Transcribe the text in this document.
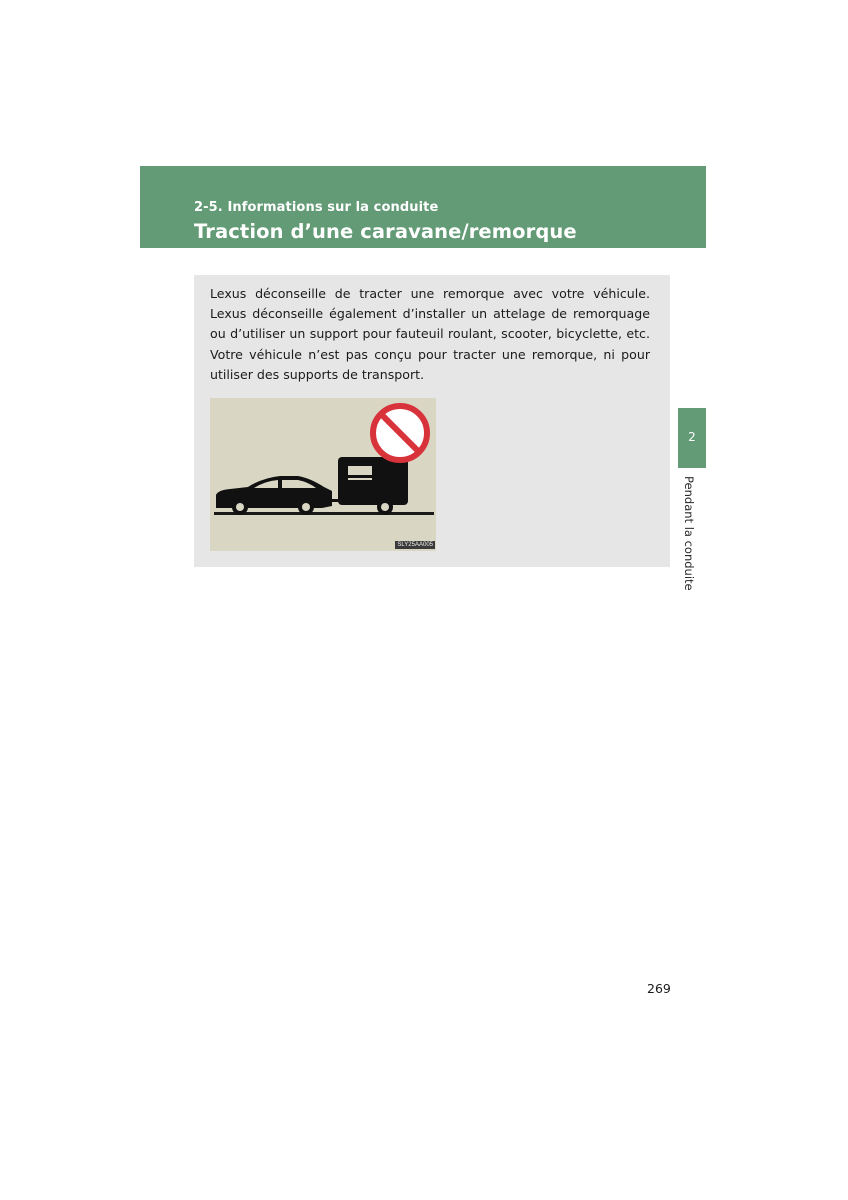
2-5. Informations sur la conduite
Traction d’une caravane/remorque

Lexus déconseille de tracter une remorque avec votre véhicule. Lexus déconseille également d’installer un attelage de remorquage ou d’utiliser un support pour fauteuil roulant, scooter, bicyclette, etc. Votre véhicule n’est pas conçu pour tracter une remorque, ni pour utiliser des supports de transport.

SLY25AA005
2
Pendant la conduite
269
